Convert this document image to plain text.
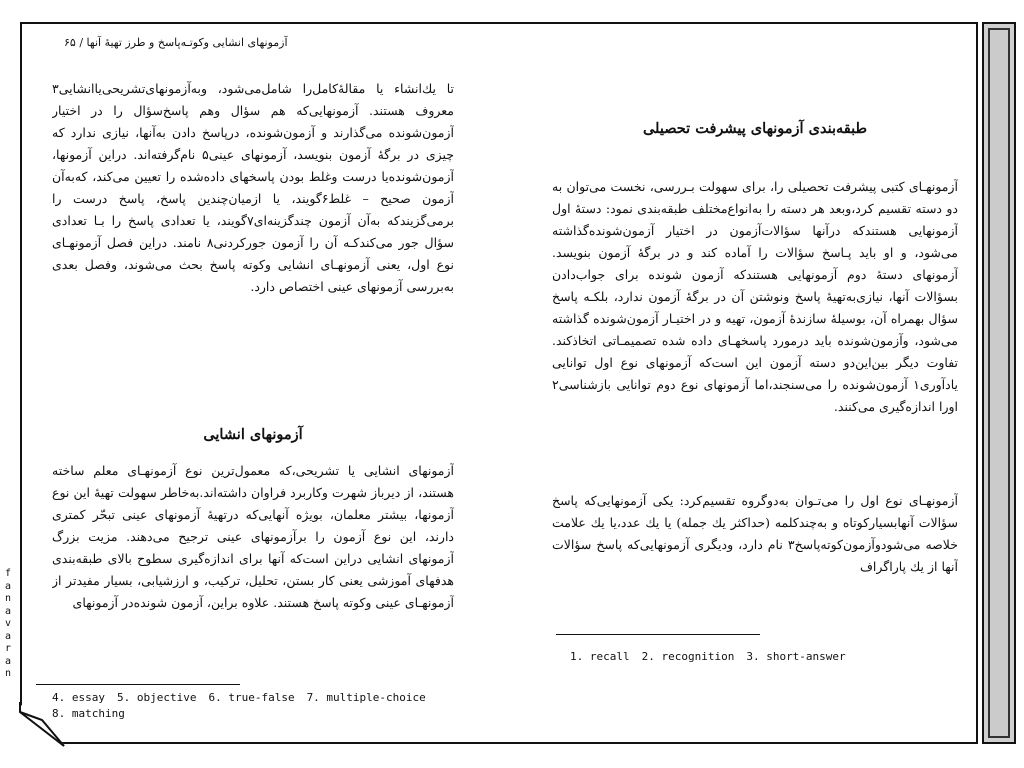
f
a
n
a
v
a
r
a
n
آزمونهای انشایی وکوتـه‌پاسخ و طرز تهیهٔ آنها / ۶۵

تا یك‌انشاء یا مقالهٔ‌كامل‌را شامل‌می‌شود، وبه‌آزمونهای‌تشریحی‌یا‌انشایی۳ معروف هستند. آزمونهایی‌که هم سؤال وهم پاسخ‌سؤال را در اختیار آزمون‌شونده می‌گذارند و آزمون‌شونده، درپاسخ دادن به‌آنها، نیازی ندارد که چیزی در برگهٔ آزمون بنویسد، آزمونهای عینی۵ نام‌گرفته‌اند. دراین آزمونها، آزمون‌شونده‌یا درست وغلط بودن پاسخهای داده‌شده را تعیین می‌کند، که‌به‌آن آزمون صحیح – غلط۶گویند، یا ازمیان‌چندین پاسخ، پاسخ درست را برمی‌گزیندکه به‌آن آزمون چندگزینه‌ای۷گویند، یا تعدادی پاسخ را بـا تعدادی سؤال جور می‌کندکـه آن را آزمون جورکردنی۸ نامند. دراین فصل آزمونهـای نوع اول، یعنی آزمونهـای انشایی وکوته پاسخ بحث می‌شوند، وفصل بعدی به‌بررسی آزمونهای عینی اختصاص دارد.

آزمونهای انشایی

آزمونهای انشایی یا تشریحی،که معمول‌ترین نوع آزمونهـای معلم ساخته هستند، از دیرباز شهرت وكاربرد فراوان داشته‌اند.به‌خاطر سهولت تهیهٔ این نوع آزمونها، بیشتر معلمان، بویژه آنهایی‌كه درتهیهٔ آزمونهای عینی تبحّر کمتری دارند، این نوع آزمون را برآزمونهای عینی ترجیح می‌دهند. مزیت بزرگ آزمونهای انشایی دراین است‌كه آنها برای اندازه‌گیری سطوح بالای طبقه‌بندی هدفهای آموزشی یعنی کار بستن، تحلیل، ترکیب، و ارزشیابی، بسیار مفیدتر از آزمونهـای عینی وکوته پاسخ هستند. علاوه براین، آزمون شونده‌در آزمونهای

طبقه‌بندی آزمونهای پیشرفت تحصیلی

آزمونهـای کتبی پیشرفت تحصیلی را، برای سهولت بـررسی، نخست می‌توان به دو دسته تقسیم کرد،وبعد هر دسته را به‌انواع‌مختلف طبقه‌بندی نمود: دستهٔ اول آزمونهایی هستندکه درآنها سؤالات‌آزمون در اختیار آزمون‌شونده‌گذاشته می‌شود، و او باید پـاسخ سؤالات را آماده کند و در برگهٔ آزمون بنویسد. آزمونهای دستهٔ دوم آزمونهایی هستندکه آزمون شونده برای جواب‌دادن بسؤالات آنها، نیازی‌به‌تهیهٔ پاسخ ونوشتن آن در برگهٔ آزمون ندارد، بلکـه پاسخ سؤال بهمراه آن، بوسیلهٔ سازندهٔ آزمون، تهیه و در اختیـار آزمون‌شونده گذاشته می‌شود، وآزمون‌شونده باید درمورد پاسخهـای داده شده تصمیمـاتی اتخاذکند. تفاوت دیگر بین‌این‌دو دسته آزمون این است‌که آزمونهای نوع اول توانایی یادآوری۱ آزمون‌شونده را می‌سنجند،اما آزمونهای نوع دوم توانایی بازشناسی۲ اورا اندازه‌گیری می‌کنند.

آزمونهـای نوع اول را می‌تـوان به‌دوگروه تقسیم‌کرد: یکی آزمونهایی‌که پاسخ سؤالات آنها‌بسیارکوتاه و به‌چندکلمه (حداکثر یك جمله) یا یك عدد،یا یك علامت خلاصه می‌شودوآزمون‌کوته‌پاسخ۳ نام دارد، ودیگری آزمونهایی‌که پاسخ سؤالات آنها از یك پاراگراف

4. essay 5. objective 6. true-false 7. multiple-choice
8. matching
1. recall 2. recognition 3. short-answer
